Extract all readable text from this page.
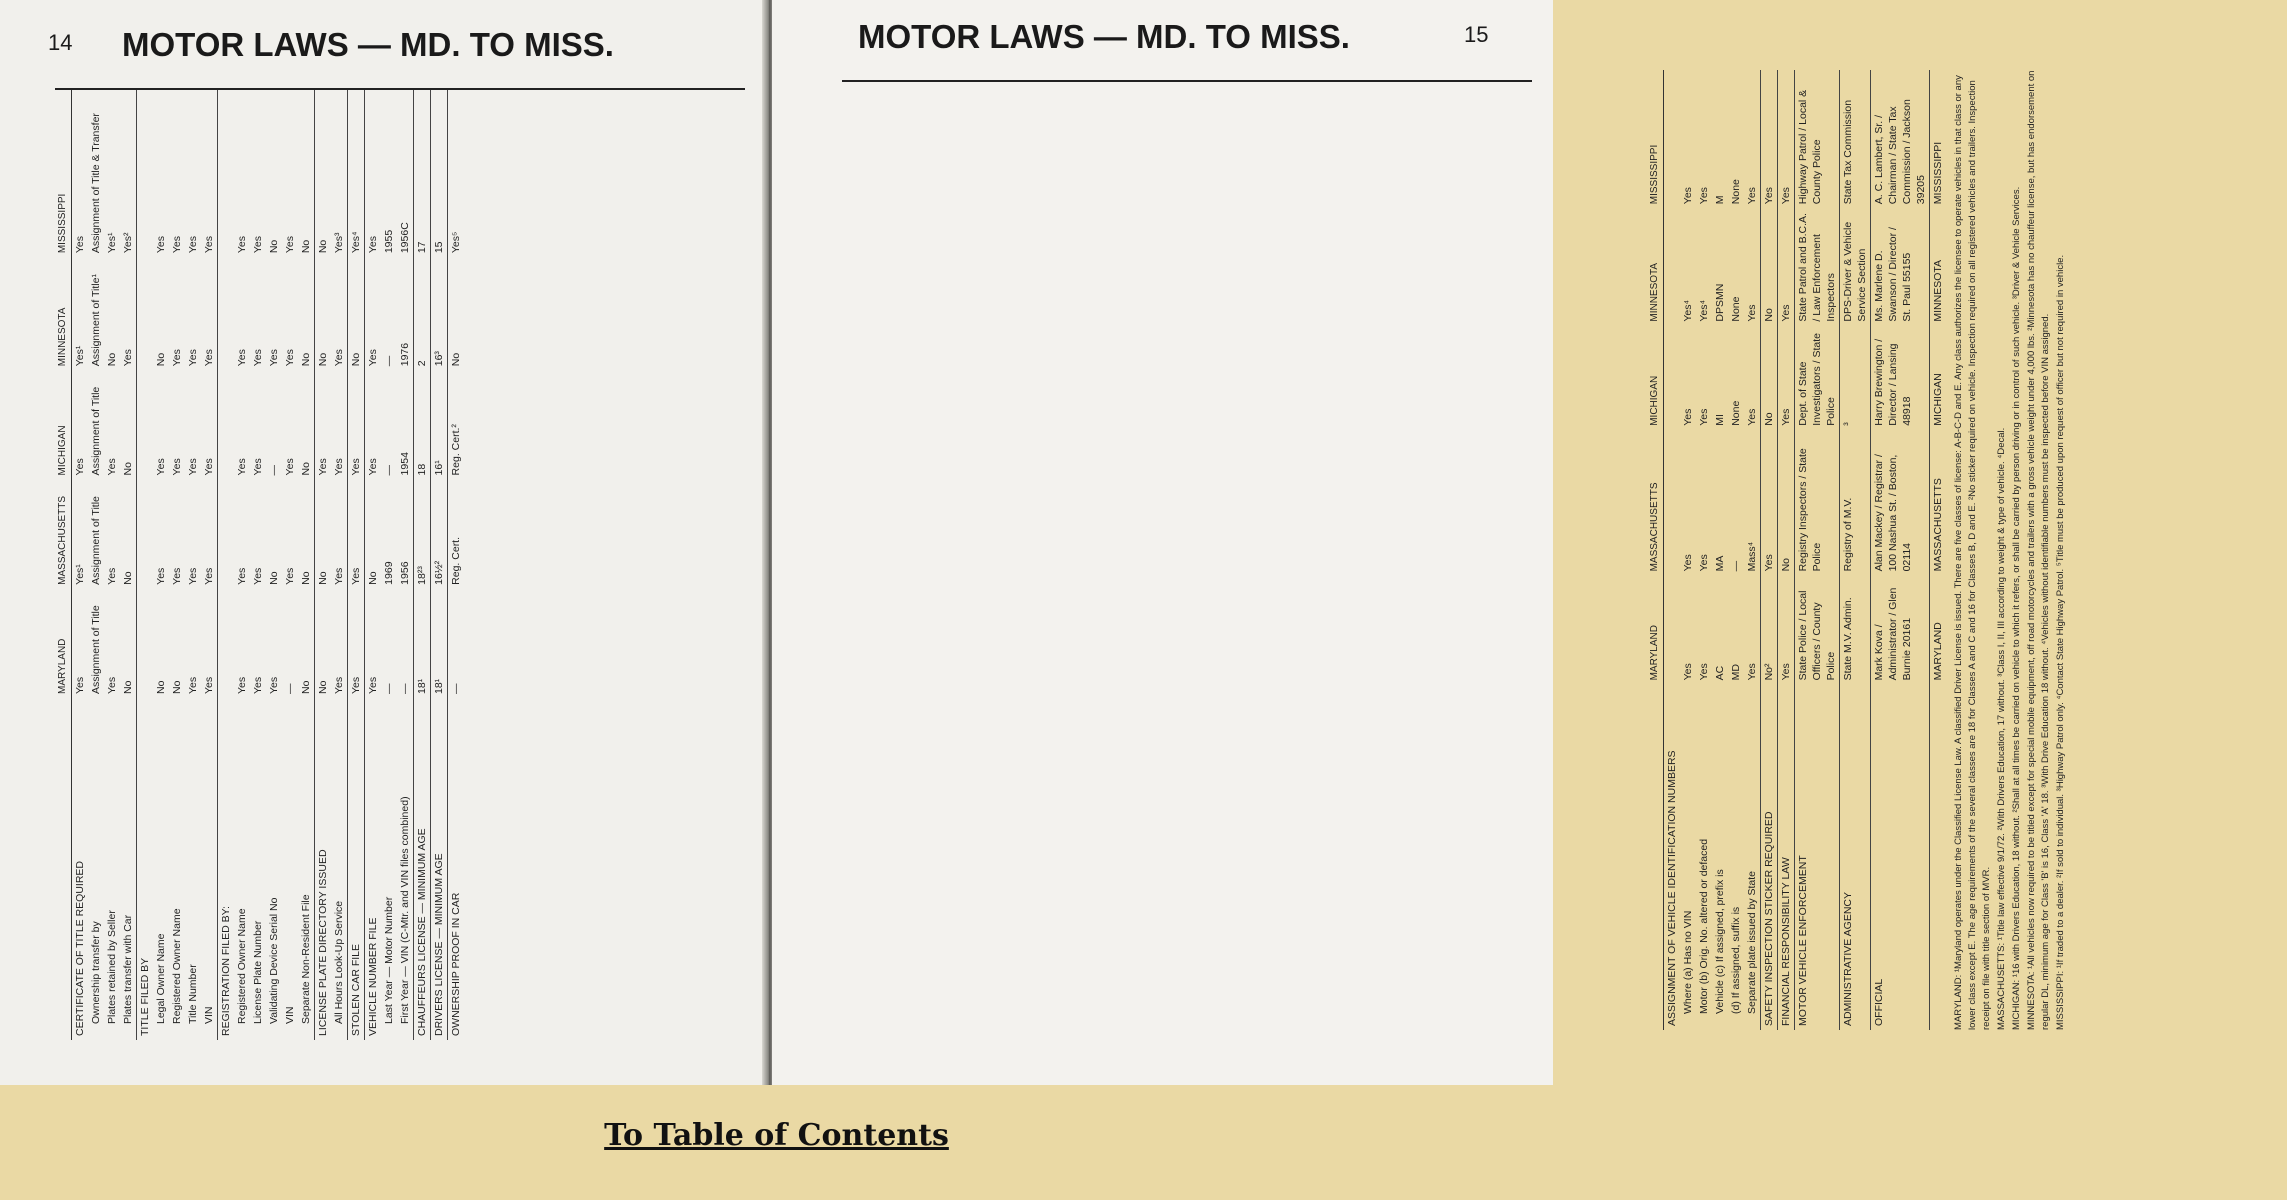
14 MOTOR LAWS — MD. TO MISS.
	MARYLAND	MASSACHUSETTS	MICHIGAN	MINNESOTA	MISSISSIPPI
CERTIFICATE OF TITLE REQUIRED	Yes	Yes¹	Yes	Yes¹	Yes
Ownership transfer by	Assignment of Title	Assignment of Title	Assignment of Title	Assignment of Title¹	Assignment of Title & Transfer
Plates retained by Seller	Yes	Yes	Yes	No	Yes¹
Plates transfer with Car	No	No	No	Yes	Yes²
TITLE FILED BY					
Legal Owner Name	No	Yes	Yes	No	Yes
Registered Owner Name	No	Yes	Yes	Yes	Yes
Title Number	Yes	Yes	Yes	Yes	Yes
VIN	Yes	Yes	Yes	Yes	Yes
REGISTRATION FILED BY:					
Registered Owner Name	Yes	Yes	Yes	Yes	Yes
License Plate Number	Yes	Yes	Yes	Yes	Yes
Validating Device Serial No	Yes	No	—	Yes	No
VIN	—	Yes	Yes	Yes	Yes
Separate Non-Resident File	No	No	No	No	No
LICENSE PLATE DIRECTORY ISSUED	No	No	Yes	No	No
All Hours Look-Up Service	Yes	Yes	Yes	Yes	Yes³
STOLEN CAR FILE	Yes	Yes	Yes	No	Yes⁴
VEHICLE NUMBER FILE	Yes	No	Yes	Yes	Yes
Last Year — Motor Number	—	1969	—	—	1955
First Year — VIN (C-Mtr. and VIN files combined)	—	1956	1954	1976	1956C
CHAUFFEURS LICENSE — MINIMUM AGE	18¹	18²³	18	2	17
DRIVERS LICENSE — MINIMUM AGE	18¹	16½²	16¹	16³	15
OWNERSHIP PROOF IN CAR	—	Reg. Cert.	Reg. Cert.²	No	Yes⁵
MOTOR LAWS — MD. TO MISS.	15
	MARYLAND	MASSACHUSETTS	MICHIGAN	MINNESOTA	MISSISSIPPI
ASSIGNMENT OF VEHICLE IDENTIFICATION NUMBERS					
Where (a) Has no VIN	Yes	Yes	Yes	Yes⁴	Yes
Motor (b) Orig. No. altered or defaced	Yes	Yes	Yes	Yes⁴	Yes
Vehicle (c) If assigned, prefix is	AC	MA	MI	DPSMN	M
(d) If assigned, suffix is	MD	—	None	None	None
Separate plate issued by State	Yes	Mass⁴	Yes	Yes	Yes
SAFETY INSPECTION STICKER REQUIRED	No²	Yes	No	No	Yes
FINANCIAL RESPONSIBILITY LAW	Yes	No	Yes	Yes	Yes
MOTOR VEHICLE ENFORCEMENT	State Police / Local Officers / County Police	Registry Inspectors / State Police	Dept. of State Investigators / State Police	State Patrol and B.C.A. / Law Enforcement Inspectors	Highway Patrol / Local & County Police
ADMINISTRATIVE AGENCY	State M.V. Admin.	Registry of M.V.	³	DPS-Driver & Vehicle Service Section	State Tax Commission
OFFICIAL	Mark Kova / Administrator / Glen Burnie 20161	Alan Mackey / Registrar / 100 Nashua St. / Boston, 02114	Harry Brewington / Director / Lansing 48918	Ms. Marlene D. Swanson / Director / St. Paul 55155	A. C. Lambert, Sr. / Chairman / State Tax Commission / Jackson 39205
	MARYLAND	MASSACHUSETTS	MICHIGAN	MINNESOTA	MISSISSIPPI MARYLAND: ¹Maryland operates under the Classified License Law. A classified Driver License is issued. There are five classes of license: A-B-C-D and E. Any class authorizes the licensee to operate vehicles in that class or any lower class except E. The age requirements of the several classes are 18 for Classes A and C and 16 for Classes B, D and E. ²No sticker required on vehicle. Inspection required on all registered vehicles and trailers. Inspection receipt on file with title section of MVR. MASSACHUSETTS: ¹Title law effective 9/1/72. ²With Drivers Education, 17 without. ³Class I, II, III according to weight & type of vehicle. ⁴Decal. MICHIGAN: ¹16 with Drivers Education, 18 without. ²Shall at all times be carried on vehicle to which it refers, or shall be carried by person driving or in control of such vehicle. ³Driver & Vehicle Services. MINNESOTA: ¹All vehicles now required to be titled except for special mobile equipment, off road motorcycles and trailers with a gross vehicle weight under 4,000 lbs. ²Minnesota has no chauffeur license, but has endorsement on regular DL, minimum age for Class 'B' is 16, Class 'A' 18. ³With Drive Education 18 without. ⁴Vehicles without identifiable numbers must be inspected before VIN assigned. MISSISSIPPI: ¹If traded to a dealer. ²If sold to individual. ³Highway Patrol only. ⁴Contact State Highway Patrol. ⁵Title must be produced upon request of officer but not required in vehicle.

To Table of Contents
